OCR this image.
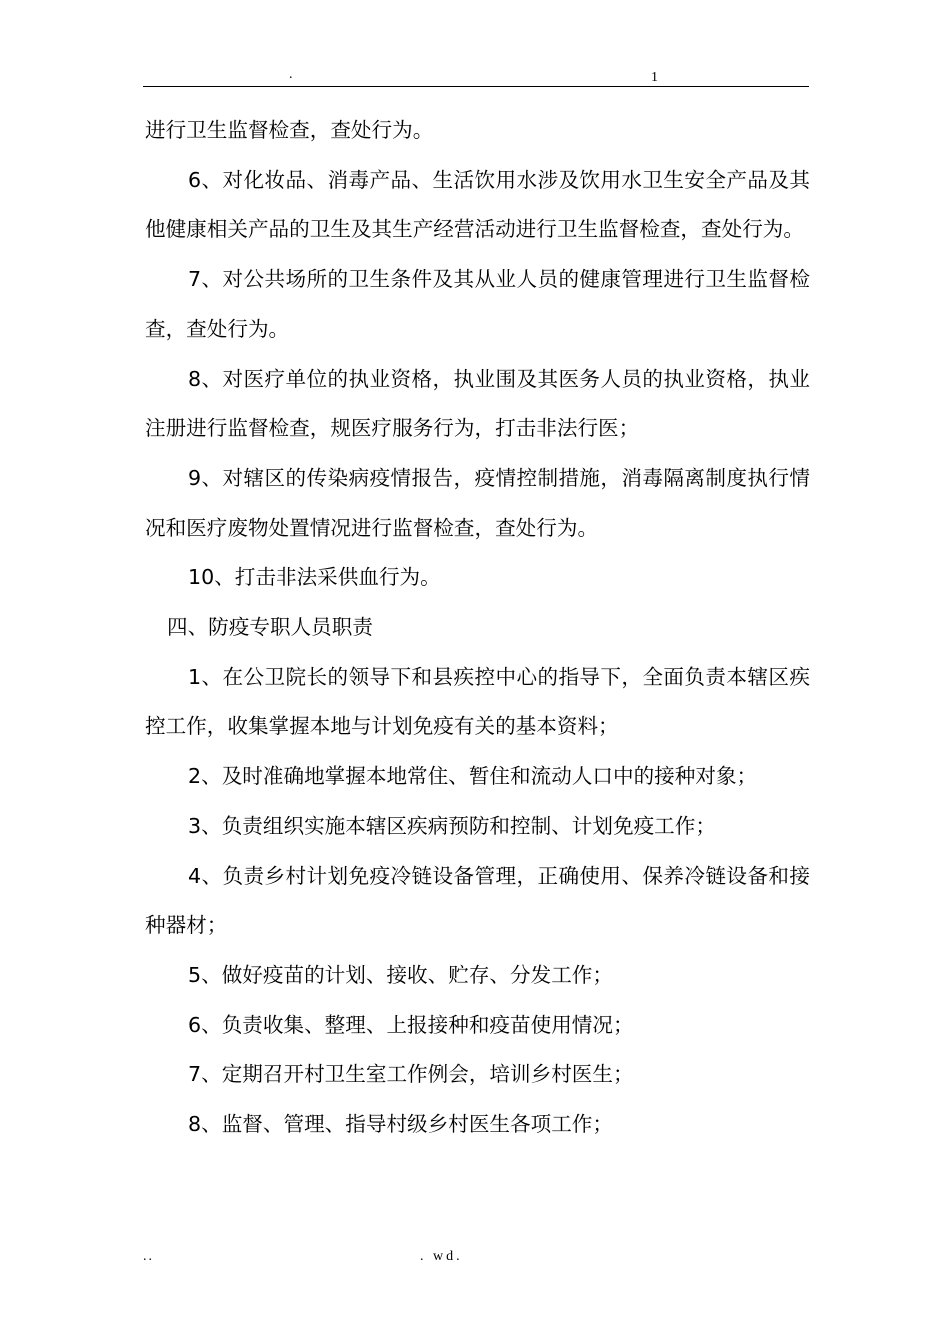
.	1

进行卫生监督检查，查处行为。

6、对化妆品、消毒产品、生活饮用水涉及饮用水卫生安全产品及其他健康相关产品的卫生及其生产经营活动进行卫生监督检查，查处行为。

7、对公共场所的卫生条件及其从业人员的健康管理进行卫生监督检查，查处行为。

8、对医疗单位的执业资格，执业围及其医务人员的执业资格，执业注册进行监督检查，规医疗服务行为，打击非法行医；

9、对辖区的传染病疫情报告，疫情控制措施，消毒隔离制度执行情况和医疗废物处置情况进行监督检查，查处行为。

10、打击非法采供血行为。

四、防疫专职人员职责

1、在公卫院长的领导下和县疾控中心的指导下，全面负责本辖区疾控工作，收集掌握本地与计划免疫有关的基本资料；

2、及时准确地掌握本地常住、暂住和流动人口中的接种对象；

3、负责组织实施本辖区疾病预防和控制、计划免疫工作；

4、负责乡村计划免疫冷链设备管理，正确使用、保养冷链设备和接种器材；

5、做好疫苗的计划、接收、贮存、分发工作；

6、负责收集、整理、上报接种和疫苗使用情况；

7、定期召开村卫生室工作例会，培训乡村医生；

8、监督、管理、指导村级乡村医生各项工作；

..	. wd.
